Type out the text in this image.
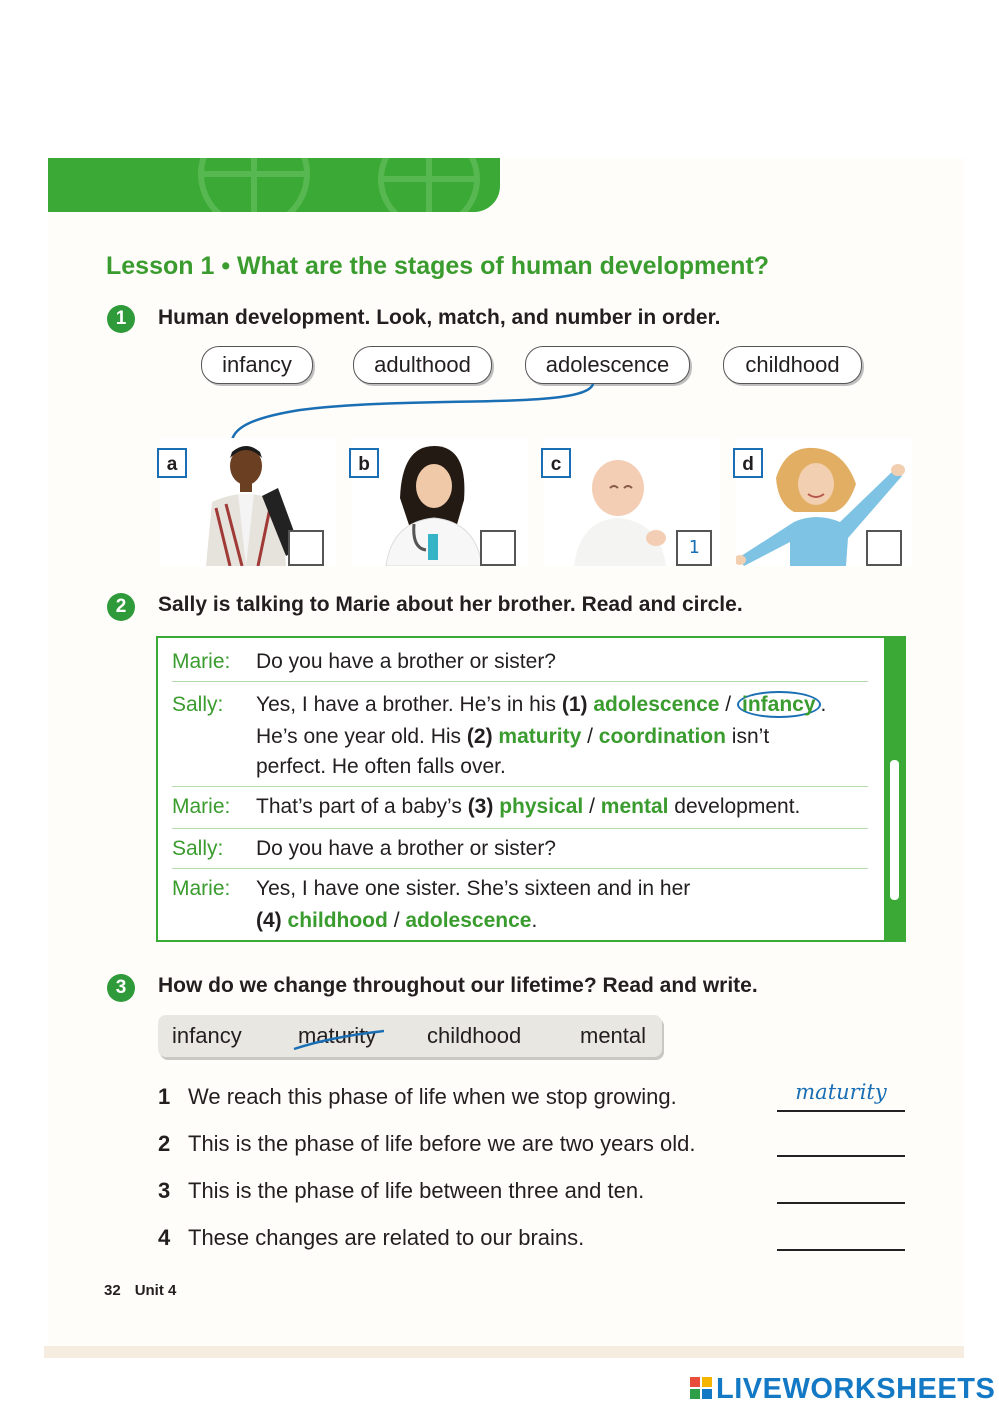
Lesson 1 • What are the stages of human development?
1	Human development. Look, match, and number in order.
infancy	adulthood	adolescence	childhood
a	b	c
1
d
2	Sally is talking to Marie about her brother. Read and circle.
Marie: Do you have a brother or sister?
Sally: Yes, I have a brother. He’s in his (1) adolescence / infancy .
He’s one year old. His (2) maturity / coordination isn’t
perfect. He often falls over.
Marie: That’s part of a baby’s (3) physical / mental development.
Sally: Do you have a brother or sister?
Marie: Yes, I have one sister. She’s sixteen and in her
(4) childhood / adolescence.
3	How do we change throughout our lifetime? Read and write.
infancy	maturity childhood	mental
1 We reach this phase of life when we stop growing.	maturity
2 This is the phase of life before we are two years old.
3 This is the phase of life between three and ten.
4 These changes are related to our brains.
32 Unit 4
LIVEWORKSHEETS
